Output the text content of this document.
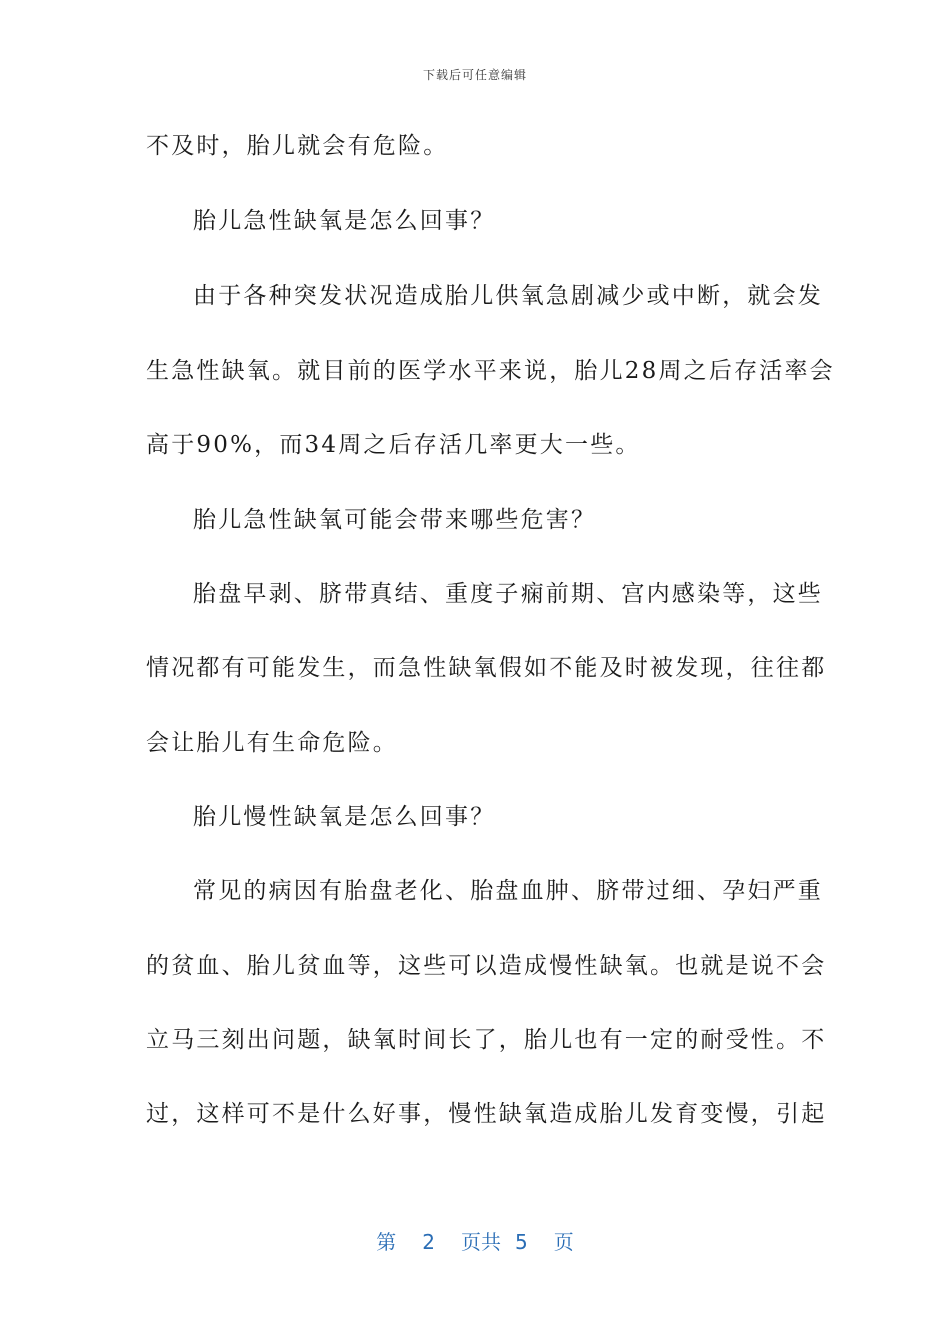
下载后可任意编辑
不及时，胎儿就会有危险。
胎儿急性缺氧是怎么回事？
由于各种突发状况造成胎儿供氧急剧减少或中断，就会发
生急性缺氧。就目前的医学水平来说，胎儿28周之后存活率会
高于90%，而34周之后存活几率更大一些。
胎儿急性缺氧可能会带来哪些危害？
胎盘早剥、脐带真结、重度子痫前期、宫内感染等，这些
情况都有可能发生，而急性缺氧假如不能及时被发现，往往都
会让胎儿有生命危险。
胎儿慢性缺氧是怎么回事？
常见的病因有胎盘老化、胎盘血肿、脐带过细、孕妇严重
的贫血、胎儿贫血等，这些可以造成慢性缺氧。也就是说不会
立马三刻出问题，缺氧时间长了，胎儿也有一定的耐受性。不
过，这样可不是什么好事，慢性缺氧造成胎儿发育变慢，引起
第 2 页共 5 页
